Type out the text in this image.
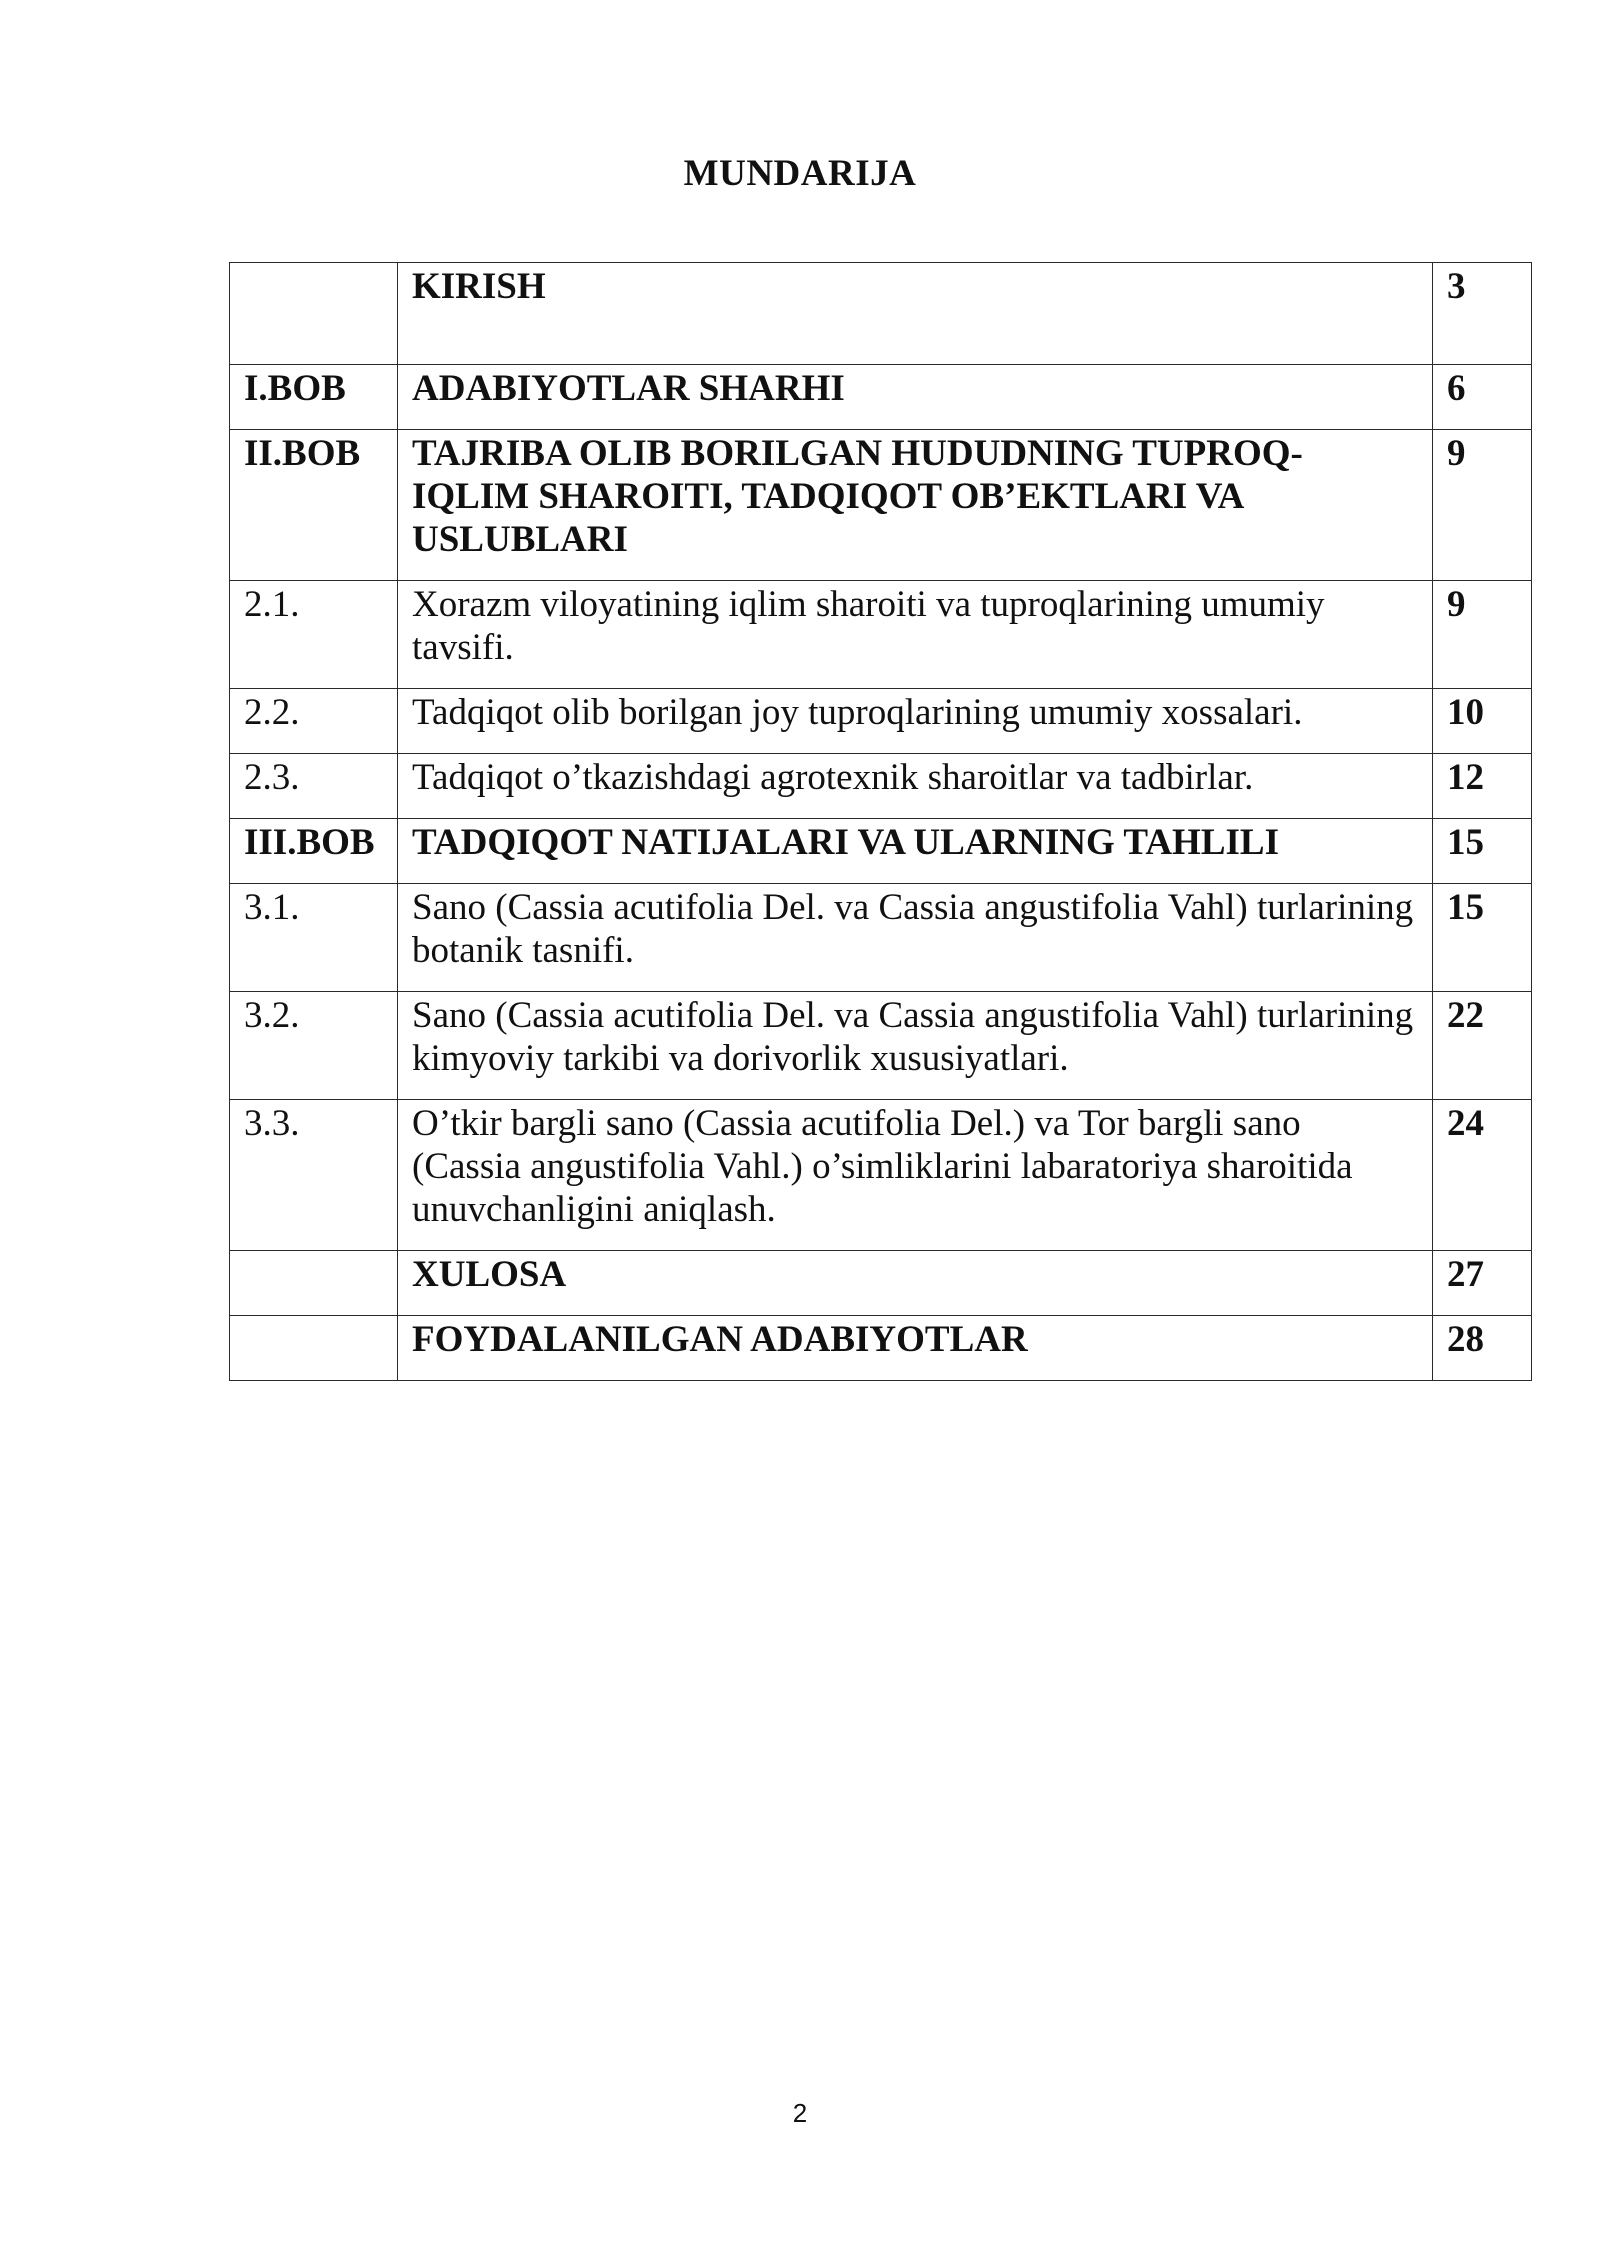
MUNDARIJA
	KIRISH	3
I.BOB	ADABIYOTLAR SHARHI	6
II.BOB	TAJRIBA OLIB BORILGAN HUDUDNING TUPROQ-IQLIM SHAROITI, TADQIQOT OB’EKTLARI VA USLUBLARI	9
2.1.	Xorazm viloyatining iqlim sharoiti va tuproqlarining umumiy tavsifi.	9
2.2.	Tadqiqot olib borilgan joy tuproqlarining umumiy xossalari.	10
2.3.	Tadqiqot o’tkazishdagi agrotexnik sharoitlar va tadbirlar.	12
III.BOB	TADQIQOT NATIJALARI VA ULARNING TAHLILI	15
3.1.	Sano (Cassia acutifolia Del. va Cassia angustifolia Vahl) turlarining botanik tasnifi.	15
3.2.	Sano (Cassia acutifolia Del. va Cassia angustifolia Vahl) turlarining kimyoviy tarkibi va dorivorlik xususiyatlari.	22
3.3.	O’tkir bargli sano (Cassia acutifolia Del.) va Tor bargli sano (Cassia angustifolia Vahl.) o’simliklarini labaratoriya sharoitida unuvchanligini aniqlash.	24
	XULOSA	27
	FOYDALANILGAN ADABIYOTLAR	28
2
